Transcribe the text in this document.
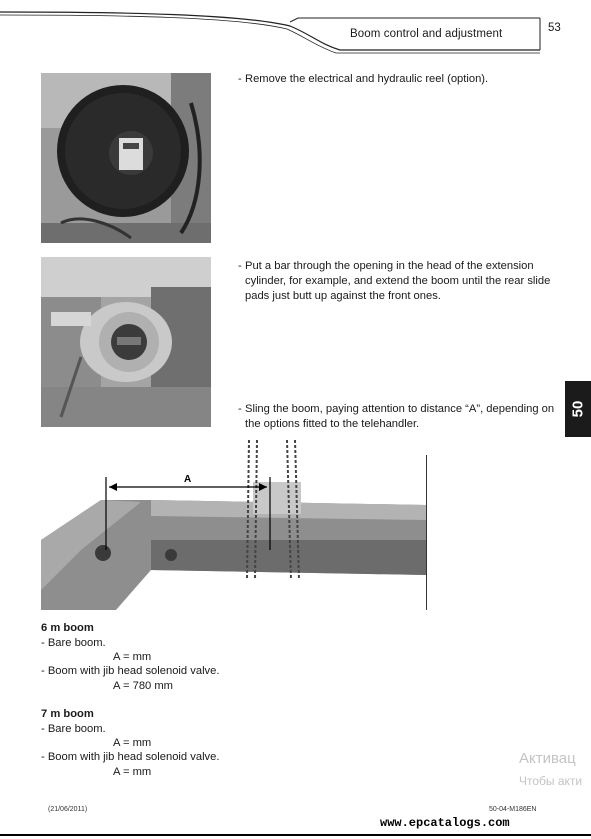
Boom control and adjustment	53
A
- Remove the electrical and hydraulic reel (option).
- Put a bar through the opening in the head of the extension cylinder, for example, and extend the boom until the rear slide pads just butt up against the front ones.
- Sling the boom, paying attention to distance “A”, depending on the options fitted to the telehandler.
50
6 m boom
- Bare boom.
A = mm
- Boom with jib head solenoid valve.
A = 780 mm
7 m boom
- Bare boom.
A = mm
- Boom with jib head solenoid valve.
A = mm
Активац
Чтобы акти
(21/06/2011)	50-04-M186EN
www.epcatalogs.com
